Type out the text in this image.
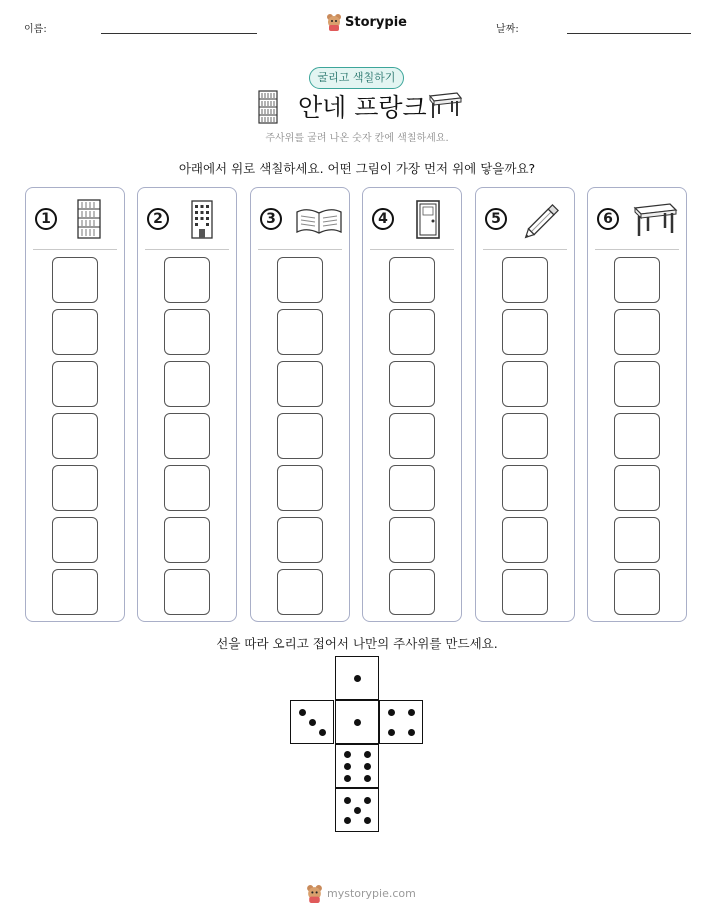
이름:	Storypie	날짜:
굴리고 색칠하기
안네 프랑크
주사위를 굴려 나온 숫자 칸에 색칠하세요.
아래에서 위로 색칠하세요. 어떤 그림이 가장 먼저 위에 닿을까요?
1	2	3	4	5	6
선을 따라 오리고 접어서 나만의 주사위를 만드세요.
mystorypie.com
